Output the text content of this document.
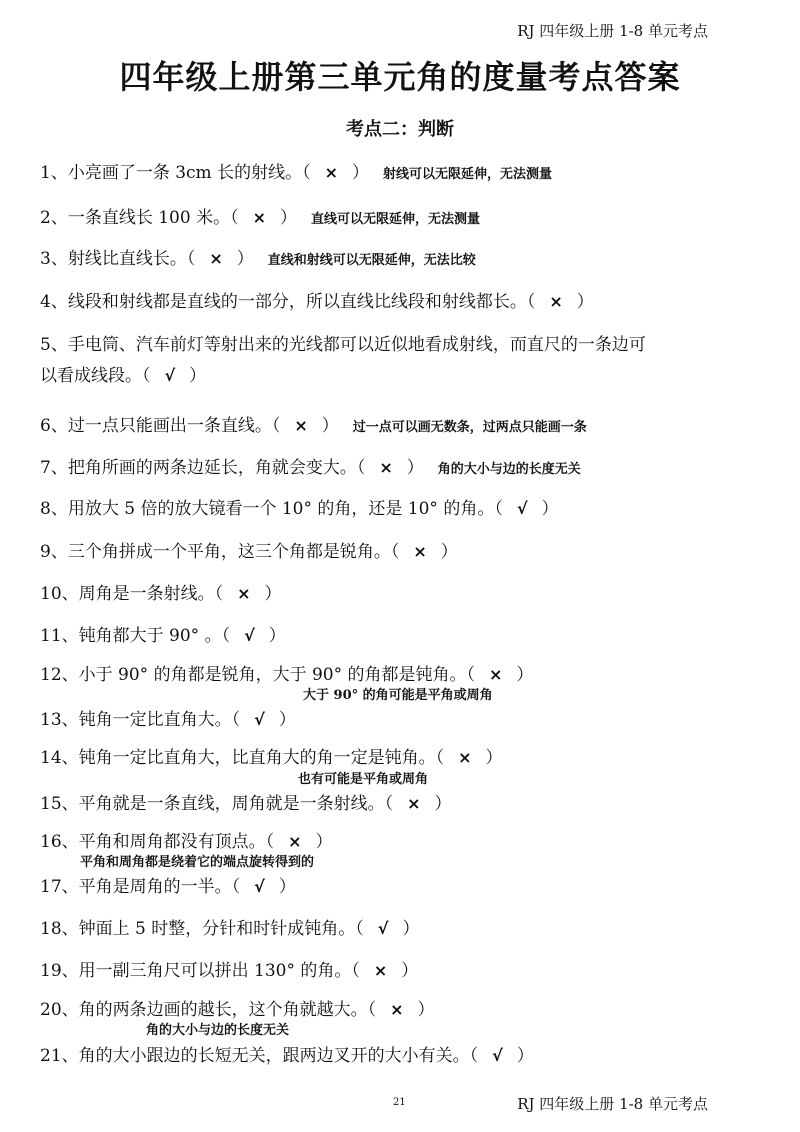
RJ 四年级上册 1-8 单元考点
四年级上册第三单元角的度量考点答案
考点二：判断
1、小亮画了一条 3cm 长的射线。（ × ） 射线可以无限延伸，无法测量
2、一条直线长 100 米。（ × ） 直线可以无限延伸，无法测量
3、射线比直线长。（ × ） 直线和射线可以无限延伸，无法比较
4、线段和射线都是直线的一部分，所以直线比线段和射线都长。（ × ）
5、手电筒、汽车前灯等射出来的光线都可以近似地看成射线，而直尺的一条边可
以看成线段。（ √ ）
6、过一点只能画出一条直线。（ × ） 过一点可以画无数条，过两点只能画一条
7、把角所画的两条边延长，角就会变大。（ × ） 角的大小与边的长度无关
8、用放大 5 倍的放大镜看一个 10° 的角，还是 10° 的角。（ √ ）
9、三个角拼成一个平角，这三个角都是锐角。（ × ）
10、周角是一条射线。（ × ）
11、钝角都大于 90° 。（ √ ）
12、小于 90° 的角都是锐角，大于 90° 的角都是钝角。（ × ）
大于 90° 的角可能是平角或周角
13、钝角一定比直角大。（ √ ）
14、钝角一定比直角大，比直角大的角一定是钝角。（ × ）
也有可能是平角或周角
15、平角就是一条直线，周角就是一条射线。（ × ）
16、平角和周角都没有顶点。（ × ）
平角和周角都是绕着它的端点旋转得到的
17、平角是周角的一半。（ √ ）
18、钟面上 5 时整，分针和时针成钝角。（ √ ）
19、用一副三角尺可以拼出 130° 的角。（ × ）
20、角的两条边画的越长，这个角就越大。（ × ）
角的大小与边的长度无关
21、角的大小跟边的长短无关，跟两边叉开的大小有关。（ √ ）
21	RJ 四年级上册 1-8 单元考点
